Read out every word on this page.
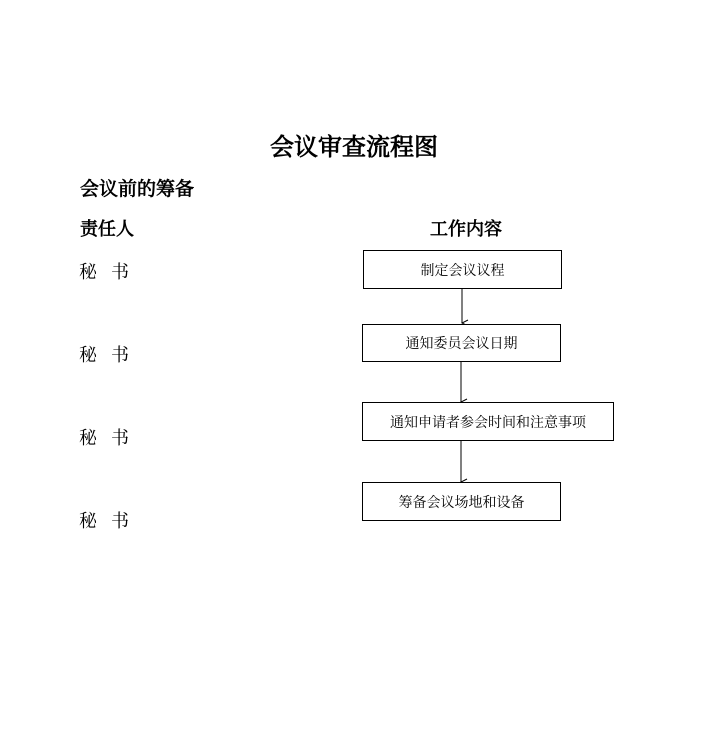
会议审查流程图
会议前的筹备
责任人	工作内容
秘书
秘书
秘书
秘书
制定会议议程
通知委员会议日期
通知申请者参会时间和注意事项
筹备会议场地和设备
